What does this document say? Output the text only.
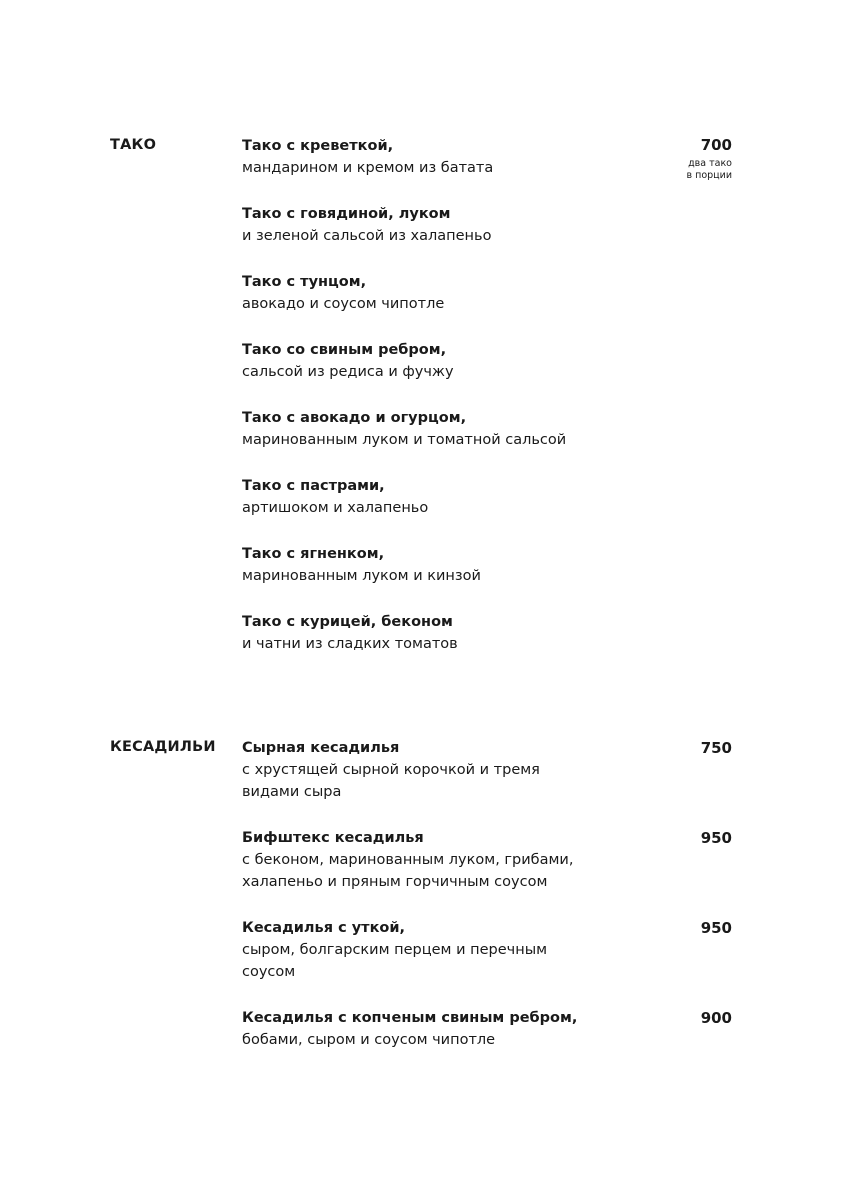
ТАКО	700
два тако
в порции
Тако с креветкой,
мандарином и кремом из батата
Тако с говядиной, луком
и зеленой сальсой из халапеньо
Тако с тунцом,
авокадо и соусом чипотле
Тако со свиным ребром,
сальсой из редиса и фучжу
Тако с авокадо и огурцом,
маринованным луком и томатной сальсой
Тако с пастрами,
артишоком и халапеньо
Тако с ягненком,
маринованным луком и кинзой
Тако с курицей, беконом
и чатни из сладких томатов
КЕСАДИЛЬИ Сырная кесадилья
с хрустящей сырной корочкой и тремя
видами сыра
750
Бифштекс кесадилья
с беконом, маринованным луком, грибами,
халапеньо и пряным горчичным соусом
950
Кесадилья с уткой,
сыром, болгарским перцем и перечным
соусом
950
Кесадилья с копченым свиным ребром,
бобами, сыром и соусом чипотле
900
